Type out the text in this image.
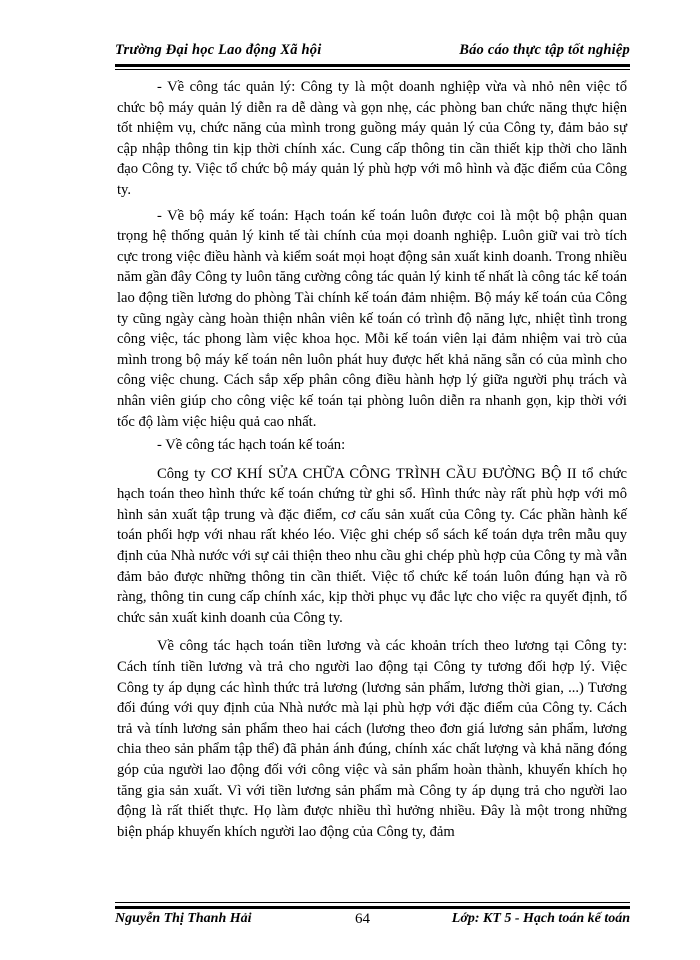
Trường Đại học Lao động Xã hội	Báo cáo thực tập tốt nghiệp

- Về công tác quản lý: Công ty là một doanh nghiệp vừa và nhỏ nên việc tổ chức bộ máy quản lý diễn ra dễ dàng và gọn nhẹ, các phòng ban chức năng thực hiện tốt nhiệm vụ, chức năng của mình trong guồng máy quản lý của Công ty, đảm bảo sự cập nhập thông tin kịp thời chính xác. Cung cấp thông tin cần thiết kịp thời cho lãnh đạo Công ty. Việc tổ chức bộ máy quản lý phù hợp với mô hình và đặc điểm của Công ty.

- Về bộ máy kế toán: Hạch toán kế toán luôn được coi là một bộ phận quan trọng hệ thống quản lý kinh tế tài chính của mọi doanh nghiệp. Luôn giữ vai trò tích cực trong việc điều hành và kiểm soát mọi hoạt động sản xuất kinh doanh. Trong nhiều năm gần đây Công ty luôn tăng cường công tác quản lý kinh tế nhất là công tác kế toán lao động tiền lương do phòng Tài chính kế toán đảm nhiệm. Bộ máy kế toán của Công ty cũng ngày càng hoàn thiện nhân viên kế toán có trình độ năng lực, nhiệt tình trong công việc, tác phong làm việc khoa học. Mỗi kế toán viên lại đảm nhiệm vai trò của mình trong bộ máy kế toán nên luôn phát huy được hết khả năng sẵn có của mình cho công việc chung. Cách sắp xếp phân công điều hành hợp lý giữa người phụ trách và nhân viên giúp cho công việc kế toán tại phòng luôn diễn ra nhanh gọn, kịp thời với tốc độ làm việc hiệu quả cao nhất.

- Về công tác hạch toán kế toán:

Công ty CƠ KHÍ SỬA CHỮA CÔNG TRÌNH CẦU ĐƯỜNG BỘ II tổ chức hạch toán theo hình thức kế toán chứng từ ghi sổ. Hình thức này rất phù hợp với mô hình sản xuất tập trung và đặc điểm, cơ cấu sản xuất của Công ty. Các phần hành kế toán phối hợp với nhau rất khéo léo. Việc ghi chép sổ sách kế toán dựa trên mẫu quy định của Nhà nước với sự cải thiện theo nhu cầu ghi chép phù hợp của Công ty mà vẫn đảm bảo được những thông tin cần thiết. Việc tổ chức kế toán luôn đúng hạn và rõ ràng, thông tin cung cấp chính xác, kịp thời phục vụ đắc lực cho việc ra quyết định, tổ chức sản xuất kinh doanh của Công ty.

Về công tác hạch toán tiền lương và các khoản trích theo lương tại Công ty: Cách tính tiền lương và trả cho người lao động tại Công ty tương đối hợp lý. Việc Công ty áp dụng các hình thức trả lương (lương sản phẩm, lương thời gian, ...) Tương đối đúng với quy định của Nhà nước mà lại phù hợp với đặc điểm của Công ty. Cách trả và tính lương sản phẩm theo hai cách (lương theo đơn giá lương sản phẩm, lương chia theo sản phẩm tập thể) đã phản ánh đúng, chính xác chất lượng và khả năng đóng góp của người lao động đối với công việc và sản phẩm hoàn thành, khuyến khích họ tăng gia sản xuất. Vì với tiền lương sản phẩm mà Công ty áp dụng trả cho người lao động là rất thiết thực. Họ làm được nhiều thì hưởng nhiều. Đây là một trong những biện pháp khuyến khích người lao động của Công ty, đảm

Nguyễn Thị Thanh Hải	64	Lớp: KT 5 - Hạch toán kế toán
